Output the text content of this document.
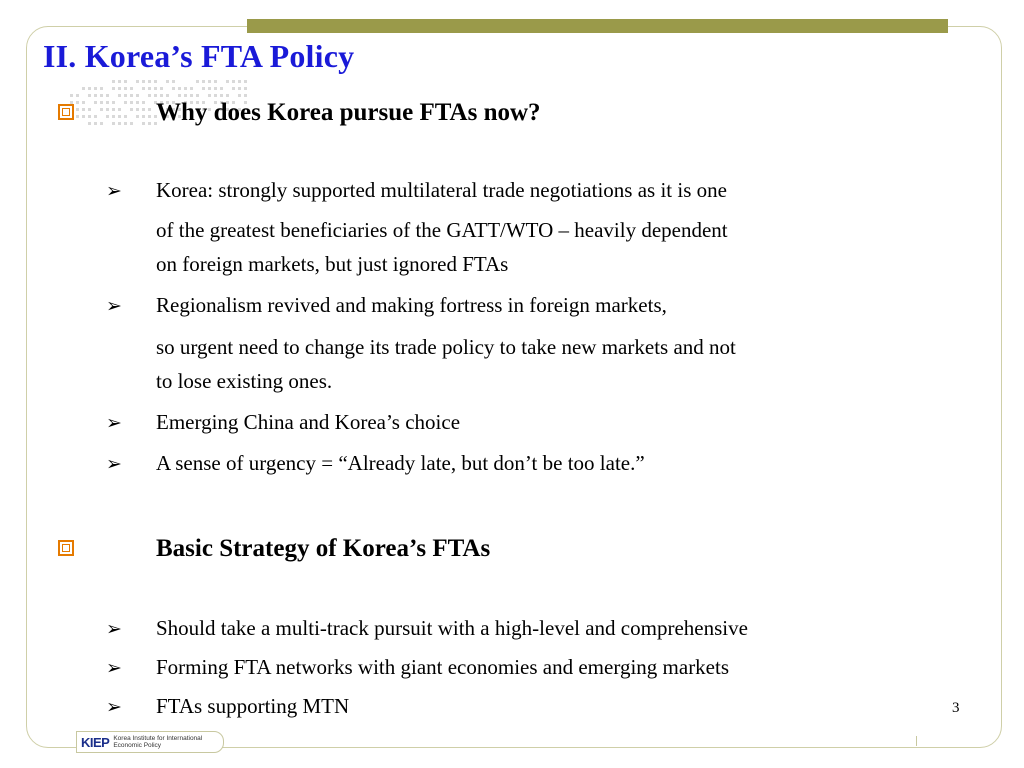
II. Korea’s FTA Policy
Why does Korea pursue FTAs now?
➢ Korea: strongly supported multilateral trade negotiations as it is one
of the greatest beneficiaries of the GATT/WTO – heavily dependent
on foreign markets, but just ignored FTAs
➢ Regionalism revived and making fortress in foreign markets,
so urgent need to change its trade policy to take new markets and not
to lose existing ones.
➢ Emerging China and Korea’s choice
➢ A sense of urgency = “Already late, but don’t be too late.”
Basic Strategy of Korea’s FTAs
➢ Should take a multi-track pursuit with a high-level and comprehensive
➢ Forming FTA networks with giant economies and emerging markets
➢ FTAs supporting MTN	3
KIEP Korea Institute for International
Economic Policy
